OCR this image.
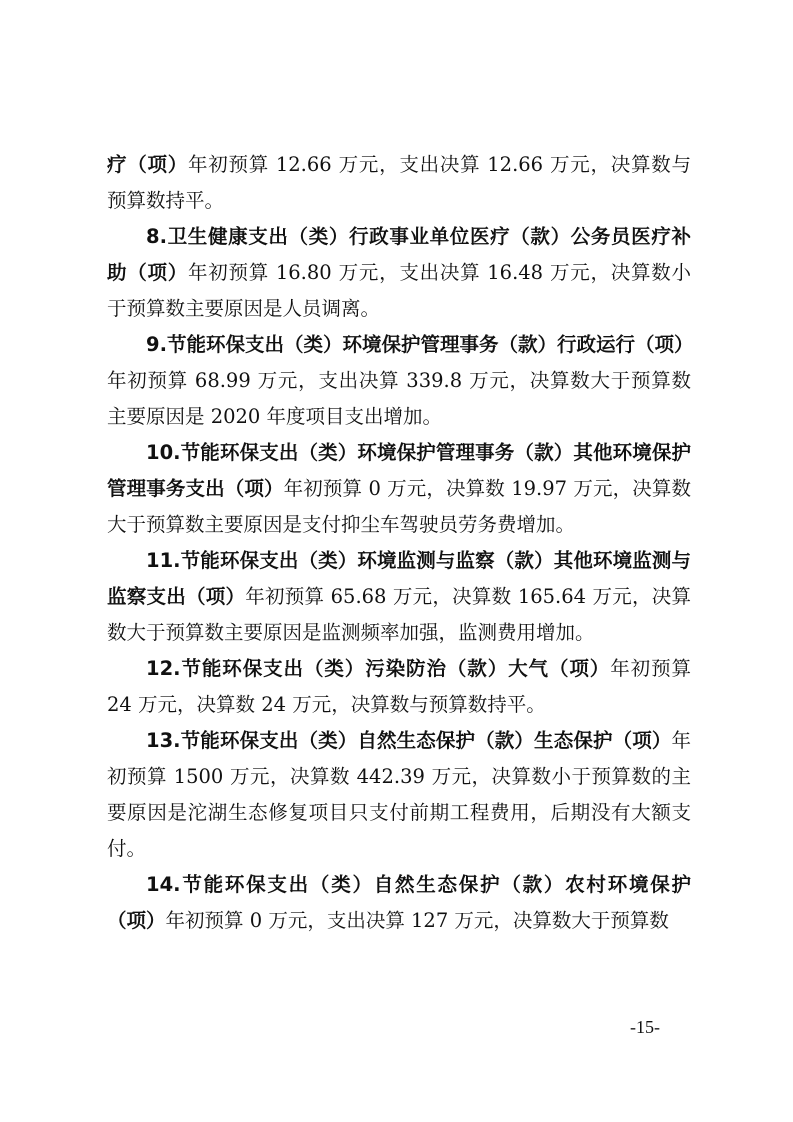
疗（项）年初预算 12.66 万元，支出决算 12.66 万元，决算数与预算数持平。

8.卫生健康支出（类）行政事业单位医疗（款）公务员医疗补助（项）年初预算 16.80 万元，支出决算 16.48 万元，决算数小于预算数主要原因是人员调离。

9.节能环保支出（类）环境保护管理事务（款）行政运行（项）年初预算 68.99 万元，支出决算 339.8 万元，决算数大于预算数主要原因是 2020 年度项目支出增加。

10.节能环保支出（类）环境保护管理事务（款）其他环境保护管理事务支出（项）年初预算 0 万元，决算数 19.97 万元，决算数大于预算数主要原因是支付抑尘车驾驶员劳务费增加。

11.节能环保支出（类）环境监测与监察（款）其他环境监测与监察支出（项）年初预算 65.68 万元，决算数 165.64 万元，决算数大于预算数主要原因是监测频率加强，监测费用增加。

12.节能环保支出（类）污染防治（款）大气（项）年初预算 24 万元，决算数 24 万元，决算数与预算数持平。

13.节能环保支出（类）自然生态保护（款）生态保护（项）年初预算 1500 万元，决算数 442.39 万元，决算数小于预算数的主要原因是沱湖生态修复项目只支付前期工程费用，后期没有大额支付。

14.节能环保支出（类）自然生态保护（款）农村环境保护（项）年初预算 0 万元，支出决算 127 万元，决算数大于预算数

-15-
